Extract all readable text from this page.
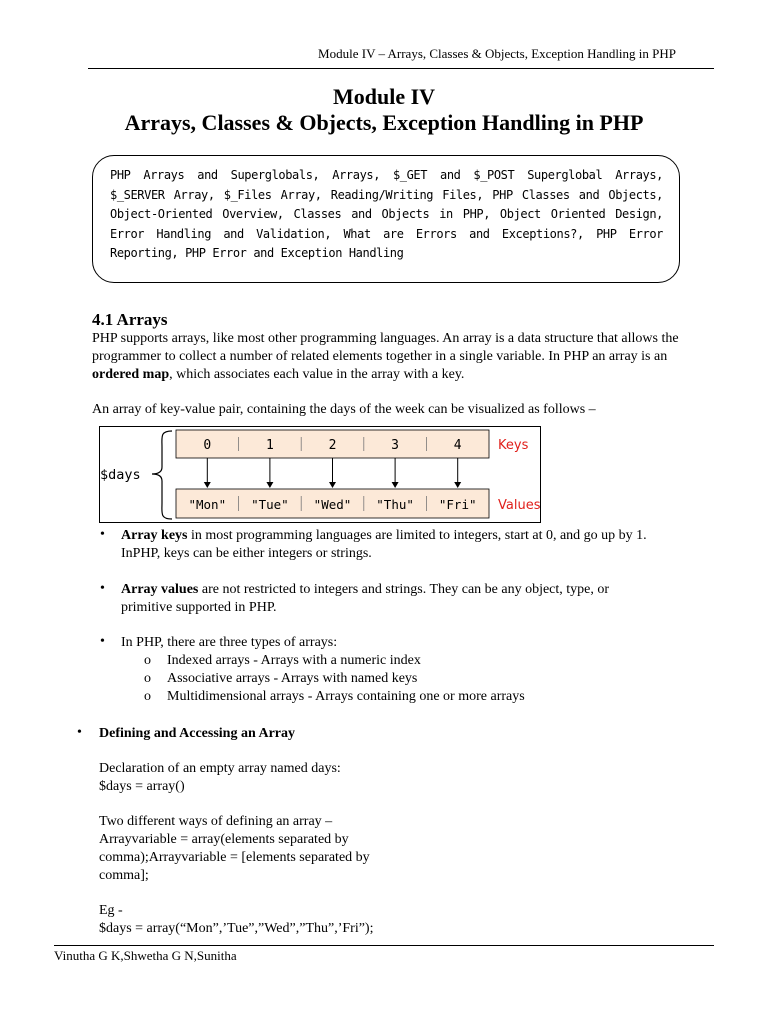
Module IV – Arrays, Classes & Objects, Exception Handling in PHP
Module IV
Arrays, Classes & Objects, Exception Handling in PHP
PHP Arrays and Superglobals, Arrays, $_GET and $_POST Superglobal Arrays, $_SERVER Array, $_Files Array, Reading/Writing Files, PHP Classes and Objects, Object-Oriented Overview, Classes and Objects in PHP, Object Oriented Design, Error Handling and Validation, What are Errors and Exceptions?, PHP Error Reporting, PHP Error and Exception Handling
4.1 Arrays
PHP supports arrays, like most other programming languages. An array is a data structure that allows the programmer to collect a number of related elements together in a single variable. In PHP an array is an ordered map, which associates each value in the array with a key.
An array of key-value pair, containing the days of the week can be visualized as follows –
$days
0
"Mon"
1
"Tue"
2
"Wed"
3
"Thu"
4
"Fri"
Keys
Values
• Array keys in most programming languages are limited to integers, start at 0, and go up by 1. InPHP, keys can be either integers or strings.
• Array values are not restricted to integers and strings. They can be any object, type, or primitive supported in PHP.
• In PHP, there are three types of arrays:
o Indexed arrays - Arrays with a numeric index
o Associative arrays - Arrays with named keys
o Multidimensional arrays - Arrays containing one or more arrays
• Defining and Accessing an Array
Declaration of an empty array named days:
$days = array()
Two different ways of defining an array –
Arrayvariable = array(elements separated by
comma);Arrayvariable = [elements separated by
comma];
Eg -
$days = array(“Mon”,’Tue”,”Wed”,”Thu”,’Fri”);
Vinutha G K,Shwetha G N,Sunitha
